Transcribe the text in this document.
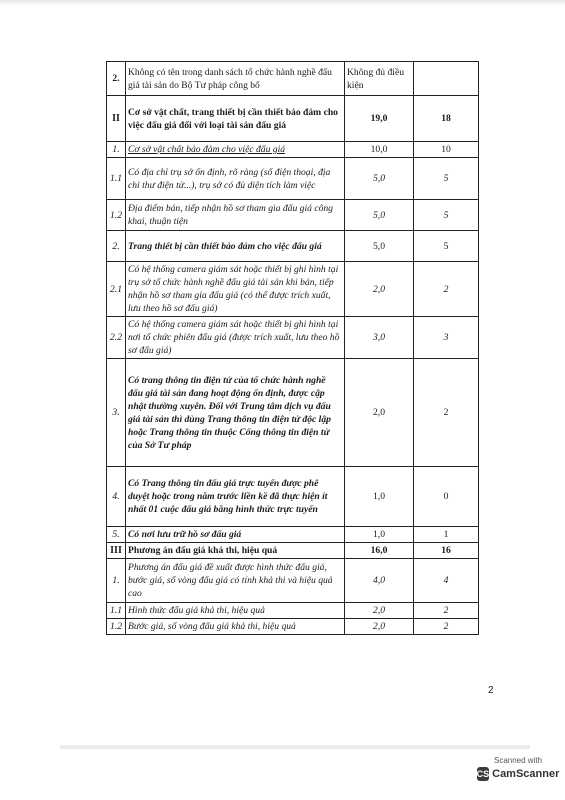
2.	Không có tên trong danh sách tổ chức hành nghề đấu giá tài sản do Bộ Tư pháp công bố	Không đủ điều kiện	
II	Cơ sở vật chất, trang thiết bị cần thiết bảo đảm cho việc đấu giá đối với loại tài sản đấu giá	19,0	18
1.	Cơ sở vật chất bảo đảm cho việc đấu giá	10,0	10
1.1	Có địa chỉ trụ sở ổn định, rõ ràng (số điện thoại, địa chỉ thư điện tử...), trụ sở có đủ diện tích làm việc	5,0	5
1.2	Địa điểm bán, tiếp nhận hồ sơ tham gia đấu giá công khai, thuận tiện	5,0	5
2.	Trang thiết bị cần thiết bảo đảm cho việc đấu giá	5,0	5
2.1	Có hệ thống camera giám sát hoặc thiết bị ghi hình tại trụ sở tổ chức hành nghề đấu giá tài sản khi bán, tiếp nhận hồ sơ tham gia đấu giá (có thể được trích xuất, lưu theo hồ sơ đấu giá)	2,0	2
2.2	Có hệ thống camera giám sát hoặc thiết bị ghi hình tại nơi tổ chức phiên đấu giá (được trích xuất, lưu theo hồ sơ đấu giá)	3,0	3
3.	Có trang thông tin điện tử của tổ chức hành nghề đấu giá tài sản đang hoạt động ổn định, được cập nhật thường xuyên. Đối với Trung tâm dịch vụ đấu giá tài sản thì dùng Trang thông tin điện tử độc lập hoặc Trang thông tin thuộc Cổng thông tin điện tử của Sở Tư pháp	2,0	2
4.	Có Trang thông tin đấu giá trực tuyến được phê duyệt hoặc trong năm trước liền kề đã thực hiện ít nhất 01 cuộc đấu giá bằng hình thức trực tuyến	1,0	0
5.	Có nơi lưu trữ hồ sơ đấu giá	1,0	1
III	Phương án đấu giá khả thi, hiệu quả	16,0	16
1.	Phương án đấu giá đề xuất được hình thức đấu giá, bước giá, số vòng đấu giá có tính khả thi và hiệu quả cao	4,0	4
1.1	Hình thức đấu giá khả thi, hiệu quả	2,0	2
1.2	Bước giá, số vòng đấu giá khả thi, hiệu quả	2,0	2
2
Scanned with
CS CamScanner
